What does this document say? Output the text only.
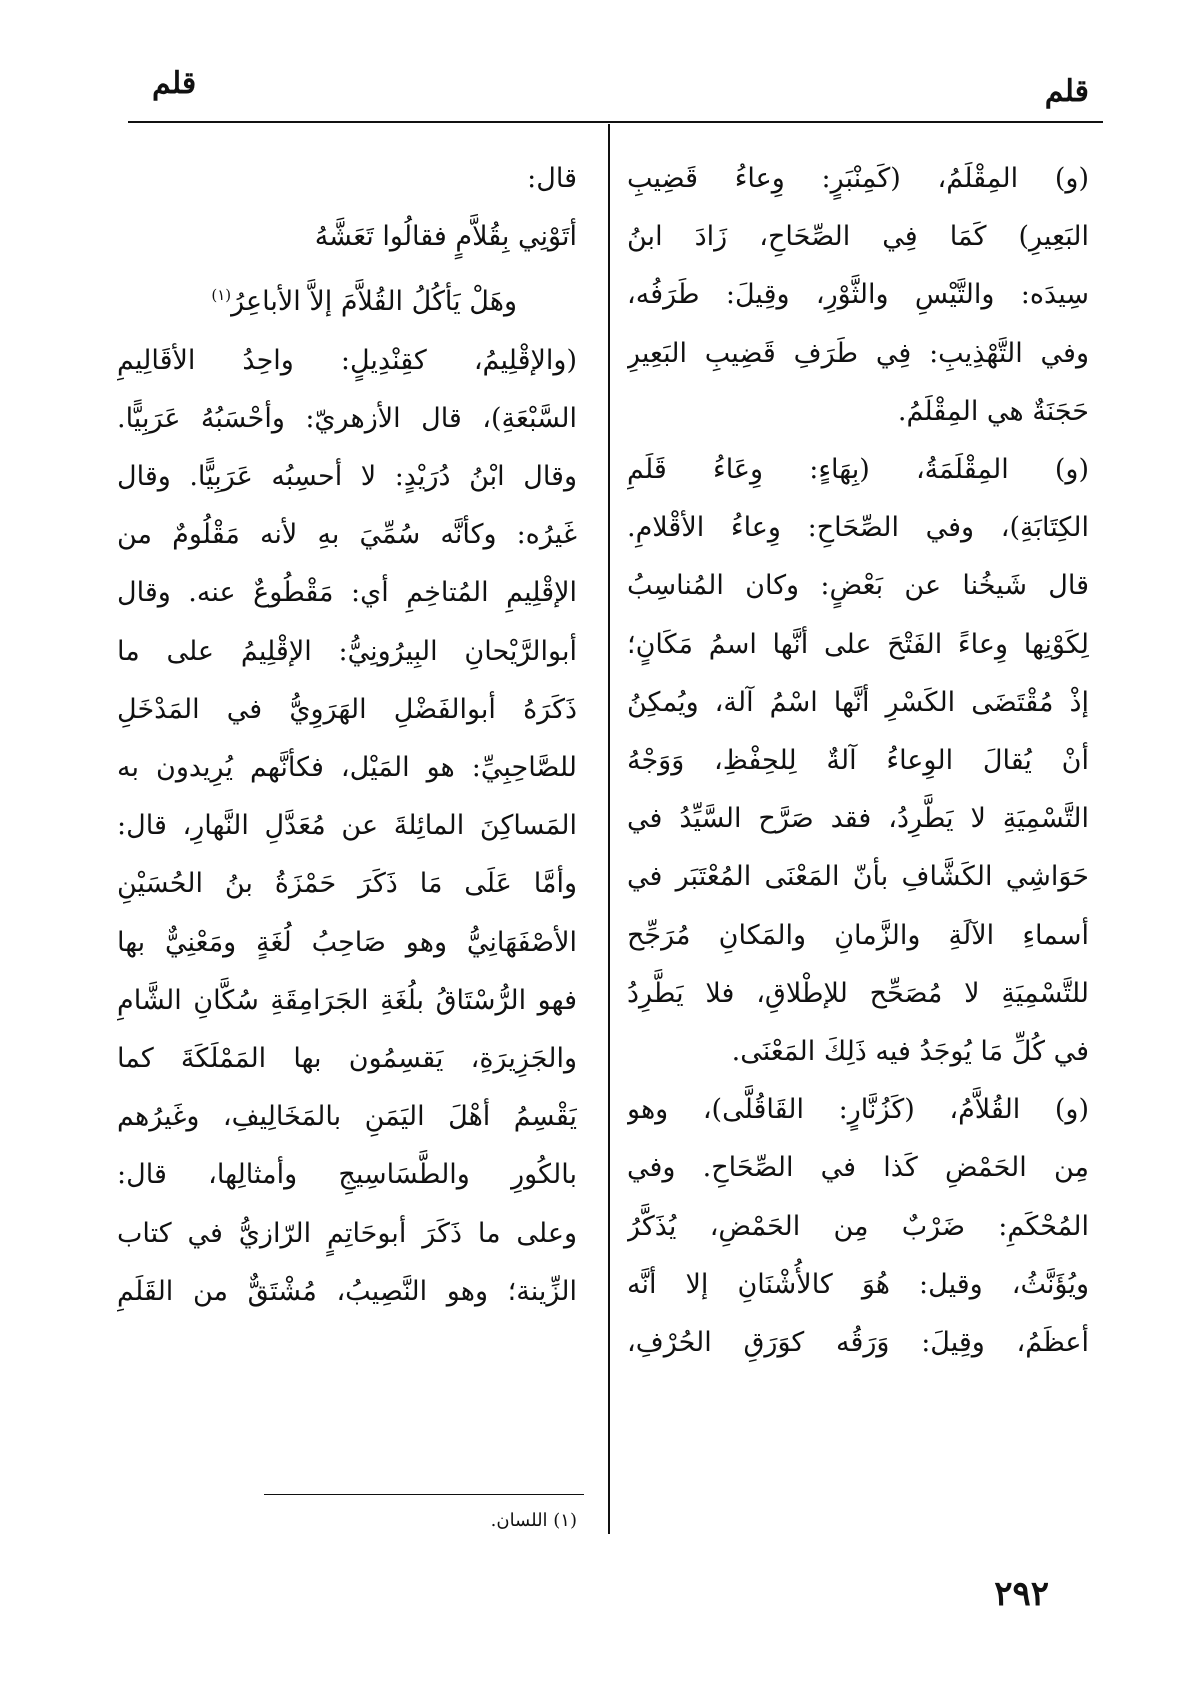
قلم
قلم
(و) المِقْلَمُ، (كَمِنْبَرٍ: وِعاءُ قَضِيبِ
البَعِيرِ) كَمَا فِي الصِّحَاحِ، زَادَ ابنُ
سِيدَه: والتَّيْسِ والثَّوْرِ، وقِيلَ: طَرَفُه،
وفي التَّهْذِيبِ: فِي طَرَفِ قَضِيبِ البَعِيرِ
حَجَنَةٌ هي المِقْلَمُ.
(و) المِقْلَمَةُ، (بِهَاءٍ: وِعَاءُ قَلَمِ
الكِتَابَةِ)، وفي الصِّحَاحِ: وِعاءُ الأقْلامِ.
قال شَيخُنا عن بَعْضٍ: وكان المُناسِبُ
لِكَوْنِها وِعاءً الفَتْحَ على أنَّها اسمُ مَكَانٍ؛
إذْ مُقْتَضَى الكَسْرِ أنَّها اسْمُ آلة، ويُمكِنُ
أنْ يُقالَ الوِعاءُ آلةٌ لِلحِفْظِ، وَوَجْهُ
التَّسْمِيَةِ لا يَطَّرِدُ، فقد صَرَّح السَّيِّدُ في
حَوَاشِي الكَشَّافِ بأنّ المَعْنَى المُعْتَبَر في
أسماءِ الآلَةِ والزَّمانِ والمَكانِ مُرَجِّح
للتَّسْمِيَةِ لا مُصَحِّح للإطْلاقِ، فلا يَطَّرِدُ
في كُلِّ مَا يُوجَدُ فيه ذَلِكَ المَعْنَى.
(و) القُلاَّمُ، (كَزُنَّارٍ: القَاقُلَّى)، وهو
مِن الحَمْضِ كَذا في الصِّحَاحِ. وفي
المُحْكَمِ: ضَرْبٌ مِن الحَمْضِ، يُذَكَّرُ
ويُؤَنَّثُ، وقيل: هُوَ كالأُشْنَانِ إلا أنَّه
أعظَمُ، وقِيلَ: وَرَقُه كوَرَقِ الحُرْفِ،
قال:
أتَوْنِي بِقُلاَّمٍ فقالُوا تَعَشَّهُ
وهَلْ يَأكُلُ القُلاَّمَ إلاَّ الأباعِرُ$^{(١)}$
(والإقْلِيمُ، كقِنْدِيلٍ: واحِدُ الأقَالِيمِ
السَّبْعَةِ)، قال الأزهريّ: وأحْسَبُهُ عَرَبِيًّا.
وقال ابْنُ دُرَيْدٍ: لا أحسِبُه عَرَبِيًّا. وقال
غَيرُه: وكأنَّه سُمِّيَ بهِ لأنه مَقْلُومٌ من
الإقْلِيمِ المُتاخِمِ أي: مَقْطُوعٌ عنه. وقال
أبوالرَّيْحانِ البِيرُونِيُّ: الإقْلِيمُ على ما
ذَكَرَهُ أبوالفَضْلِ الهَرَوِيُّ في المَدْخَلِ
للصَّاحِبِيِّ: هو المَيْل، فكأنَّهم يُرِيدون به
المَساكِنَ المائِلةَ عن مُعَدَّلِ النَّهارِ، قال:
وأمَّا عَلَى مَا ذَكَرَ حَمْزَةُ بنُ الحُسَيْنِ
الأصْفَهَانِيُّ وهو صَاحِبُ لُغَةٍ ومَعْنِيٌّ بها
فهو الرُّسْتَاقُ بلُغَةِ الجَرَامِقَةِ سُكَّانِ الشَّامِ
والجَزِيرَةِ، يَقسِمُون بها المَمْلَكَةَ كما
يَقْسِمُ أهْلَ اليَمَنِ بالمَخَالِيفِ، وغَيرُهم
بالكُورِ والطَّسَاسِيجِ وأمثالِها، قال:
وعلى ما ذَكَرَ أبوحَاتِمٍ الرّازيُّ في كتاب
الزِّينة؛ وهو النَّصِيبُ، مُشْتَقٌّ من القَلَمِ
(١) اللسان.
٢٩٢
